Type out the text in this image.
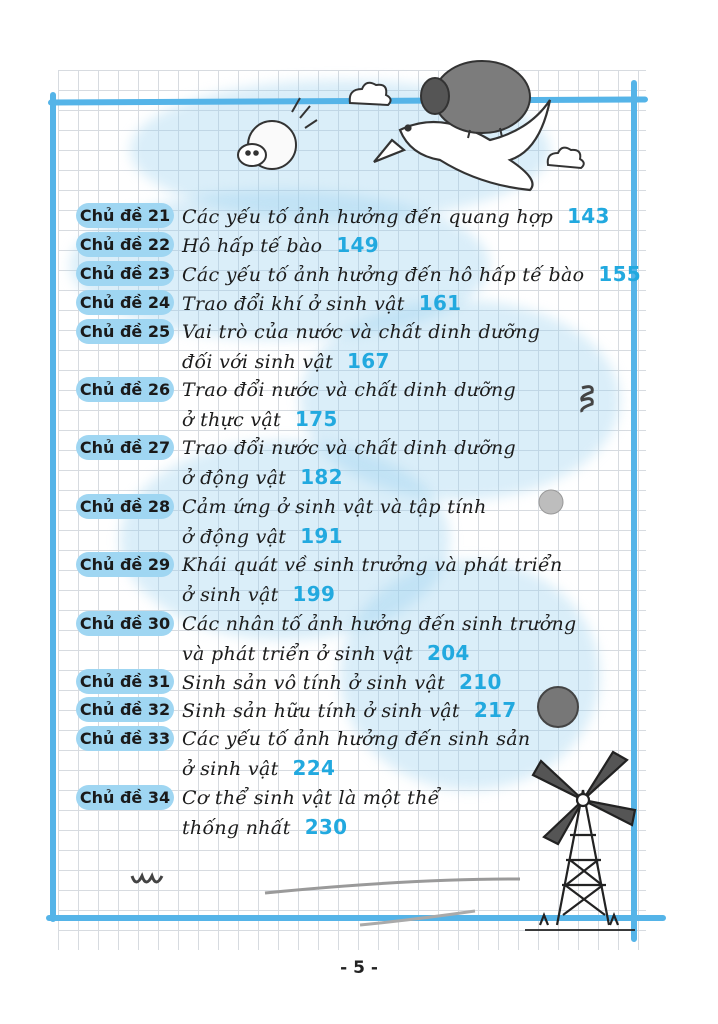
Chủ đề 21 Các yếu tố ảnh hưởng đến quang hợp 143
Chủ đề 22 Hô hấp tế bào 149
Chủ đề 23 Các yếu tố ảnh hưởng đến hô hấp tế bào 155
Chủ đề 24 Trao đổi khí ở sinh vật 161
Chủ đề 25 Vai trò của nước và chất dinh dưỡng
đối với sinh vật 167
Chủ đề 26 Trao đổi nước và chất dinh dưỡng
ở thực vật 175
Chủ đề 27 Trao đổi nước và chất dinh dưỡng
ở động vật 182
Chủ đề 28 Cảm ứng ở sinh vật và tập tính
ở động vật 191
Chủ đề 29 Khái quát về sinh trưởng và phát triển
ở sinh vật 199
Chủ đề 30 Các nhân tố ảnh hưởng đến sinh trưởng
và phát triển ở sinh vật 204
Chủ đề 31 Sinh sản vô tính ở sinh vật 210
Chủ đề 32 Sinh sản hữu tính ở sinh vật 217
Chủ đề 33 Các yếu tố ảnh hưởng đến sinh sản
ở sinh vật 224
Chủ đề 34 Cơ thể sinh vật là một thể
thống nhất 230
- 5 -
